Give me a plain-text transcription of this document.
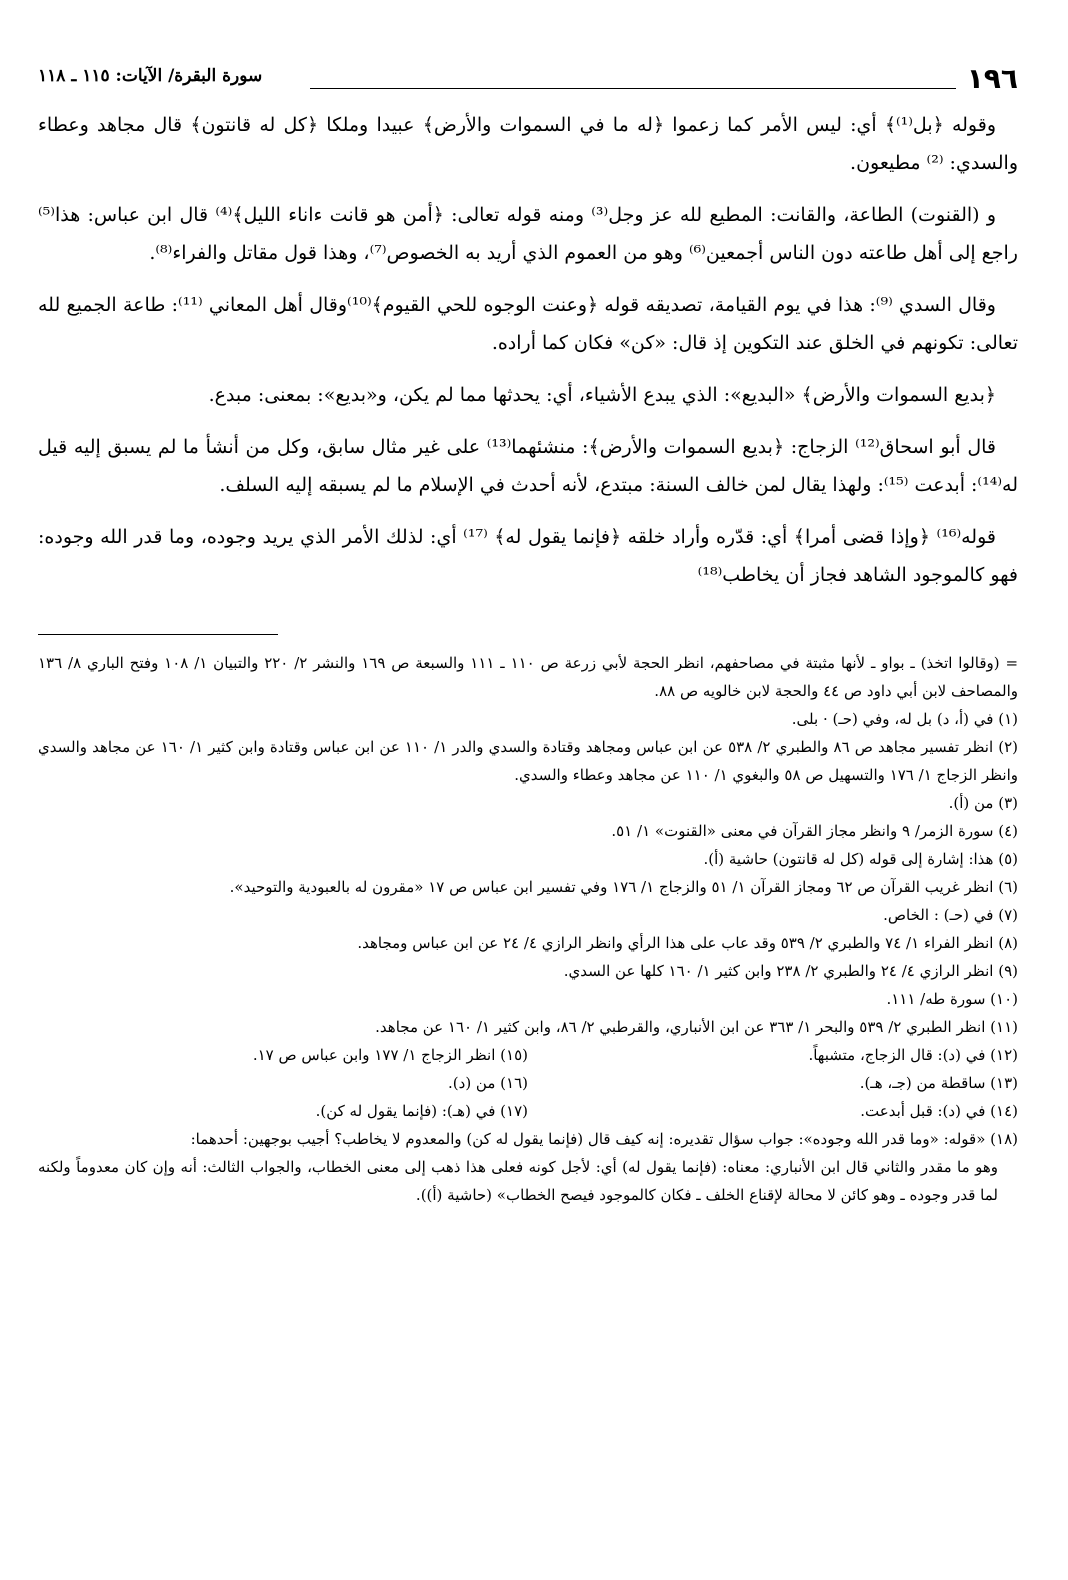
١٩٦
سورة البقرة/ الآيات: ١١٥ ـ ١١٨

وقوله ﴿بل⁽¹⁾﴾ أي: ليس الأمر كما زعموا ﴿له ما في السموات والأرض﴾ عبيدا وملكا ﴿كل له قانتون﴾ قال مجاهد وعطاء والسدي: ⁽²⁾ مطيعون.

و (القنوت) الطاعة، والقانت: المطيع لله عز وجل⁽³⁾ ومنه قوله تعالى: ﴿أمن هو قانت ءاناء الليل﴾⁽⁴⁾ قال ابن عباس: هذا⁽⁵⁾ راجع إلى أهل طاعته دون الناس أجمعين⁽⁶⁾ وهو من العموم الذي أريد به الخصوص⁽⁷⁾، وهذا قول مقاتل والفراء⁽⁸⁾.

وقال السدي ⁽⁹⁾: هذا في يوم القيامة، تصديقه قوله ﴿وعنت الوجوه للحي القيوم﴾⁽¹⁰⁾وقال أهل المعاني ⁽¹¹⁾: طاعة الجميع لله تعالى: تكونهم في الخلق عند التكوين إذ قال: «كن» فكان كما أراده.

﴿بديع السموات والأرض﴾ «البديع»: الذي يبدع الأشياء، أي: يحدثها مما لم يكن، و«بديع»: بمعنى: مبدع.

قال أبو اسحاق⁽¹²⁾ الزجاج: ﴿بديع السموات والأرض﴾: منشئهما⁽¹³⁾ على غير مثال سابق، وكل من أنشأ ما لم يسبق إليه قيل له⁽¹⁴⁾: أبدعت ⁽¹⁵⁾: ولهذا يقال لمن خالف السنة: مبتدع، لأنه أحدث في الإسلام ما لم يسبقه إليه السلف.

قوله⁽¹⁶⁾ ﴿وإذا قضى أمرا﴾ أي: قدّره وأراد خلقه ﴿فإنما يقول له﴾ ⁽¹⁷⁾ أي: لذلك الأمر الذي يريد وجوده، وما قدر الله وجوده: فهو كالموجود الشاهد فجاز أن يخاطب⁽¹⁸⁾

= (وقالوا اتخذ) ـ بواو ـ لأنها مثبتة في مصاحفهم، انظر الحجة لأبي زرعة ص ١١٠ ـ ١١١ والسبعة ص ١٦٩ والنشر ٢/ ٢٢٠ والتبيان ١/ ١٠٨ وفتح الباري ٨/ ١٣٦ والمصاحف لابن أبي داود ص ٤٤ والحجة لابن خالويه ص ٨٨.

(١) في (أ، د) بل له، وفي (حـ) · بلى.

(٢) انظر تفسير مجاهد ص ٨٦ والطبري ٢/ ٥٣٨ عن ابن عباس ومجاهد وقتادة والسدي والدر ١/ ١١٠ عن ابن عباس وقتادة وابن كثير ١/ ١٦٠ عن مجاهد والسدي وانظر الزجاج ١/ ١٧٦ والتسهيل ص ٥٨ والبغوي ١/ ١١٠ عن مجاهد وعطاء والسدي.

(٣) من (أ).

(٤) سورة الزمر/ ٩ وانظر مجاز القرآن في معنى «القنوت» ١/ ٥١.

(٥) هذا: إشارة إلى قوله (كل له قانتون) حاشية (أ).

(٦) انظر غريب القرآن ص ٦٢ ومجاز القرآن ١/ ٥١ والزجاج ١/ ١٧٦ وفي تفسير ابن عباس ص ١٧ «مقرون له بالعبودية والتوحيد».

(٧) في (حـ) : الخاص.

(٨) انظر الفراء ١/ ٧٤ والطبري ٢/ ٥٣٩ وقد عاب على هذا الرأي وانظر الرازي ٤/ ٢٤ عن ابن عباس ومجاهد.

(٩) انظر الرازي ٤/ ٢٤ والطبري ٢/ ٢٣٨ وابن كثير ١/ ١٦٠ كلها عن السدي.

(١٠) سورة طه/ ١١١.

(١١) انظر الطبري ٢/ ٥٣٩ والبحر ١/ ٣٦٣ عن ابن الأنباري، والقرطبي ٢/ ٨٦، وابن كثير ١/ ١٦٠ عن مجاهد.

(١٢) في (د): قال الزجاج، متشبهاً.
(١٥) انظر الزجاج ١/ ١٧٧ وابن عباس ص ١٧.
(١٣) ساقطة من (جـ، هـ).
(١٦) من (د).
(١٤) في (د): قبل أبدعت.
(١٧) في (هـ): (فإنما يقول له كن).

(١٨) «قوله: «وما قدر الله وجوده»: جواب سؤال تقديره: إنه كيف قال (فإنما يقول له كن) والمعدوم لا يخاطب؟ أجيب بوجهين: أحدهما:

وهو ما مقدر والثاني قال ابن الأنباري: معناه: (فإنما يقول له) أي: لأجل كونه فعلى هذا ذهب إلى معنى الخطاب، والجواب الثالث: أنه وإن كان معدوماً ولكنه لما قدر وجوده ـ وهو كائن لا محالة لإقناع الخلف ـ فكان كالموجود فيصح الخطاب» (حاشية (أ)).
